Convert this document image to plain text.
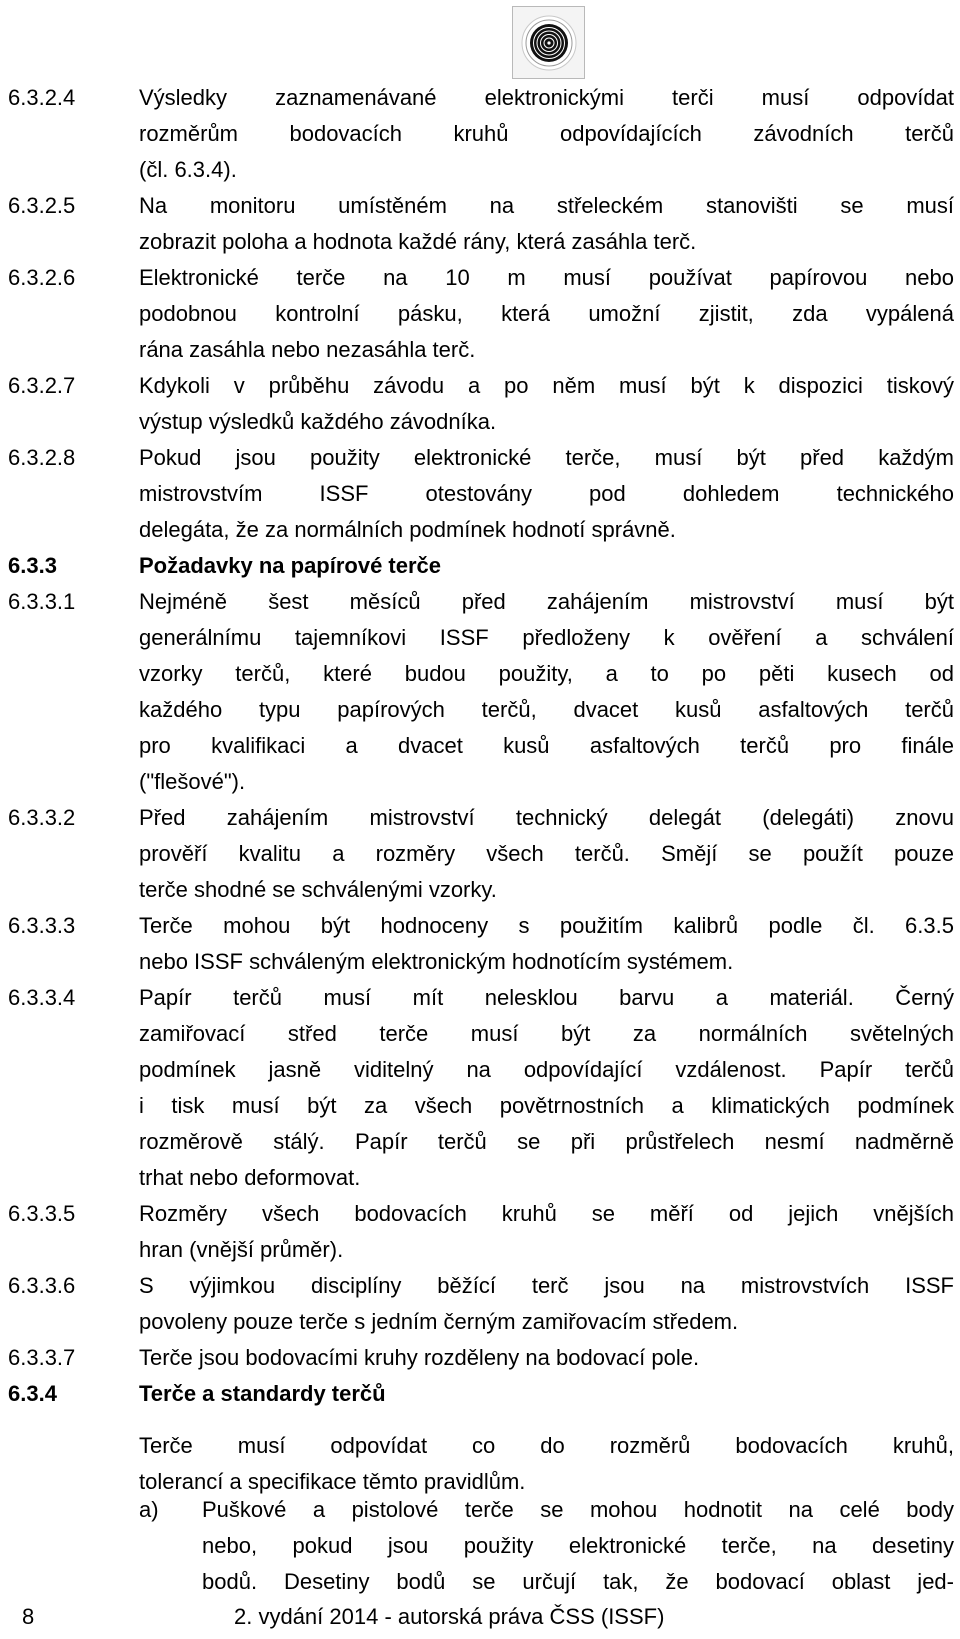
6.3.2.4	Výsledky zaznamenávané elektronickými terči musí odpovídat
rozměrům bodovacích kruhů odpovídajících závodních terčů
(čl. 6.3.4).
6.3.2.5	Na monitoru umístěném na střeleckém stanovišti se musí
zobrazit poloha a hodnota každé rány, která zasáhla terč.
6.3.2.6	Elektronické terče na 10 m musí používat papírovou nebo
podobnou kontrolní pásku, která umožní zjistit, zda vypálená
rána zasáhla nebo nezasáhla terč.
6.3.2.7	Kdykoli v průběhu závodu a po něm musí být k dispozici tiskový
výstup výsledků každého závodníka.
6.3.2.8	Pokud jsou použity elektronické terče, musí být před každým
mistrovstvím ISSF otestovány pod dohledem technického
delegáta, že za normálních podmínek hodnotí správně.
6.3.3	Požadavky na papírové terče
6.3.3.1	Nejméně šest měsíců před zahájením mistrovství musí být
generálnímu tajemníkovi ISSF předloženy k ověření a schválení
vzorky terčů, které budou použity, a to po pěti kusech od
každého typu papírových terčů, dvacet kusů asfaltových terčů
pro kvalifikaci a dvacet kusů asfaltových terčů pro finále
("flešové").
6.3.3.2	Před zahájením mistrovství technický delegát (delegáti) znovu
prověří kvalitu a rozměry všech terčů. Smějí se použít pouze
terče shodné se schválenými vzorky.
6.3.3.3	Terče mohou být hodnoceny s použitím kalibrů podle čl. 6.3.5
nebo ISSF schváleným elektronickým hodnotícím systémem.
6.3.3.4	Papír terčů musí mít nelesklou barvu a materiál. Černý
zamiřovací střed terče musí být za normálních světelných
podmínek jasně viditelný na odpovídající vzdálenost. Papír terčů
i tisk musí být za všech povětrnostních a klimatických podmínek
rozměrově stálý. Papír terčů se při průstřelech nesmí nadměrně
trhat nebo deformovat.
6.3.3.5	Rozměry všech bodovacích kruhů se měří od jejich vnějších
hran (vnější průměr).
6.3.3.6	S výjimkou disciplíny běžící terč jsou na mistrovstvích ISSF
povoleny pouze terče s jedním černým zamiřovacím středem.
6.3.3.7	Terče jsou bodovacími kruhy rozděleny na bodovací pole.
6.3.4	Terče a standardy terčů
Terče musí odpovídat co do rozměrů bodovacích kruhů,
tolerancí a specifikace těmto pravidlům.
a) Puškové a pistolové terče se mohou hodnotit na celé body
nebo, pokud jsou použity elektronické terče, na desetiny
bodů. Desetiny bodů se určují tak, že bodovací oblast jed-
8	2. vydání 2014 - autorská práva ČSS (ISSF)
